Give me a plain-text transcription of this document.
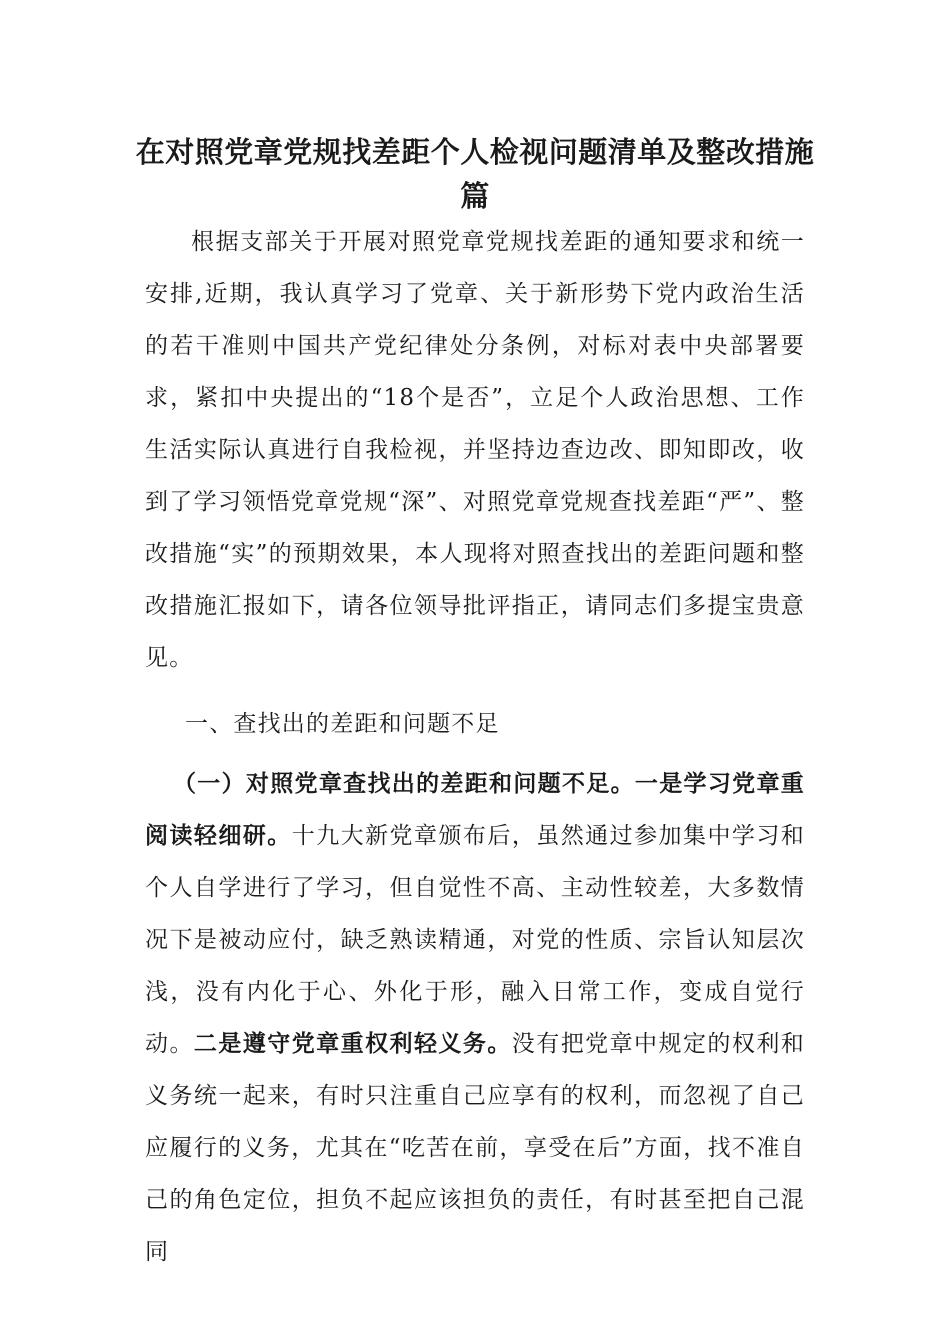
在对照党章党规找差距个人检视问题清单及整改措施篇

根据支部关于开展对照党章党规找差距的通知要求和统一安排,近期，我认真学习了党章、关于新形势下党内政治生活的若干准则中国共产党纪律处分条例，对标对表中央部署要求，紧扣中央提出的“18个是否”，立足个人政治思想、工作生活实际认真进行自我检视，并坚持边查边改、即知即改，收到了学习领悟党章党规“深”、对照党章党规查找差距“严”、整改措施“实”的预期效果，本人现将对照查找出的差距问题和整改措施汇报如下，请各位领导批评指正，请同志们多提宝贵意见。

一、查找出的差距和问题不足

（一）对照党章查找出的差距和问题不足。一是学习党章重阅读轻细研。十九大新党章颁布后，虽然通过参加集中学习和个人自学进行了学习，但自觉性不高、主动性较差，大多数情况下是被动应付，缺乏熟读精通，对党的性质、宗旨认知层次浅，没有内化于心、外化于形，融入日常工作，变成自觉行动。二是遵守党章重权利轻义务。没有把党章中规定的权利和义务统一起来，有时只注重自己应享有的权利，而忽视了自己应履行的义务，尤其在“吃苦在前，享受在后”方面，找不准自己的角色定位，担负不起应该担负的责任，有时甚至把自己混同
